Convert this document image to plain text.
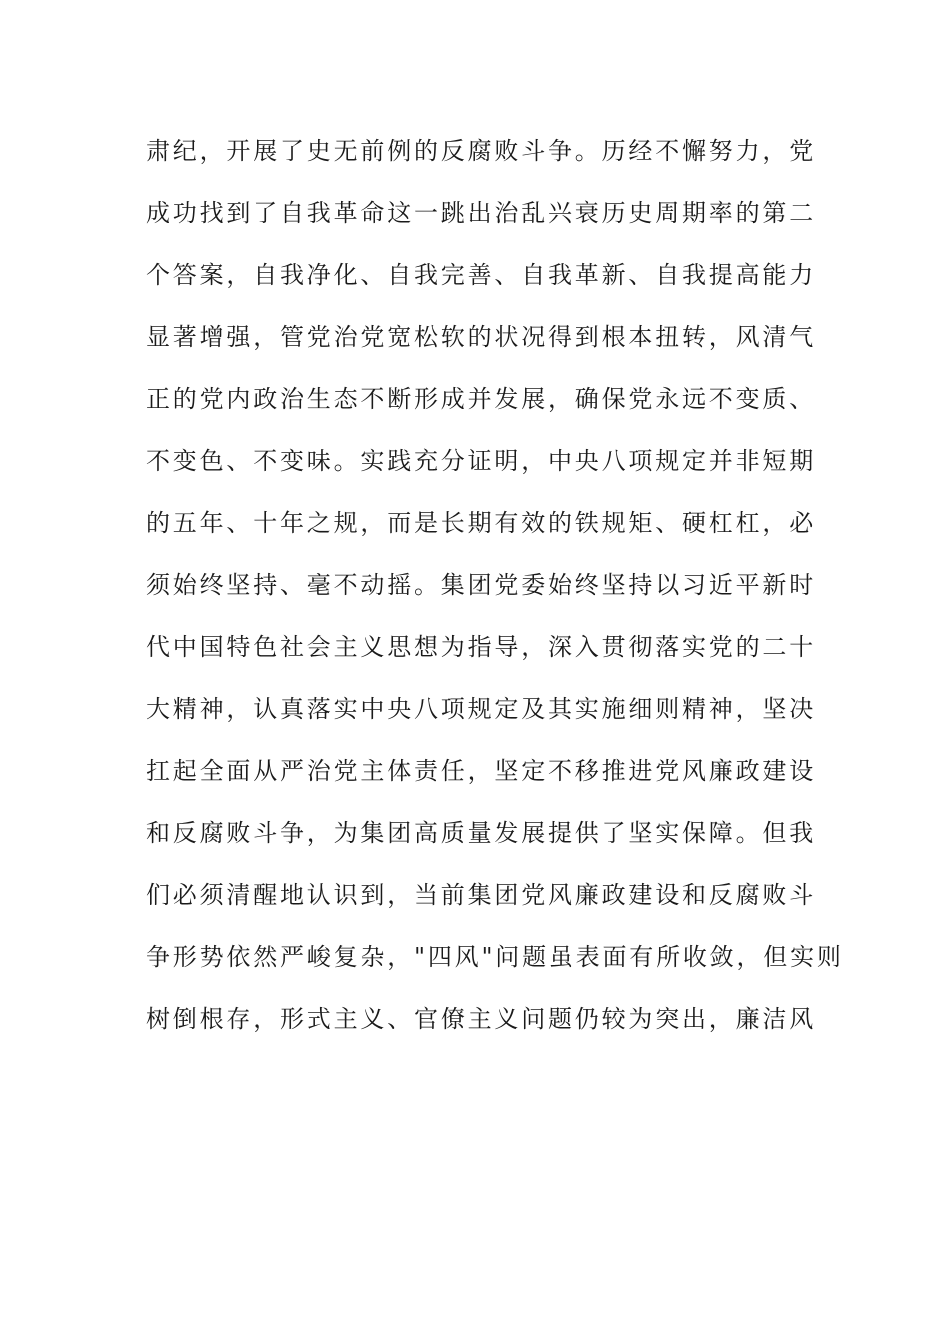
肃纪，开展了史无前例的反腐败斗争。历经不懈努力，党
成功找到了自我革命这一跳出治乱兴衰历史周期率的第二
个答案，自我净化、自我完善、自我革新、自我提高能力
显著增强，管党治党宽松软的状况得到根本扭转，风清气
正的党内政治生态不断形成并发展，确保党永远不变质、
不变色、不变味。实践充分证明，中央八项规定并非短期
的五年、十年之规，而是长期有效的铁规矩、硬杠杠，必
须始终坚持、毫不动摇。集团党委始终坚持以习近平新时
代中国特色社会主义思想为指导，深入贯彻落实党的二十
大精神，认真落实中央八项规定及其实施细则精神，坚决
扛起全面从严治党主体责任，坚定不移推进党风廉政建设
和反腐败斗争，为集团高质量发展提供了坚实保障。但我
们必须清醒地认识到，当前集团党风廉政建设和反腐败斗
争形势依然严峻复杂，"四风"问题虽表面有所收敛，但实则
树倒根存，形式主义、官僚主义问题仍较为突出，廉洁风
